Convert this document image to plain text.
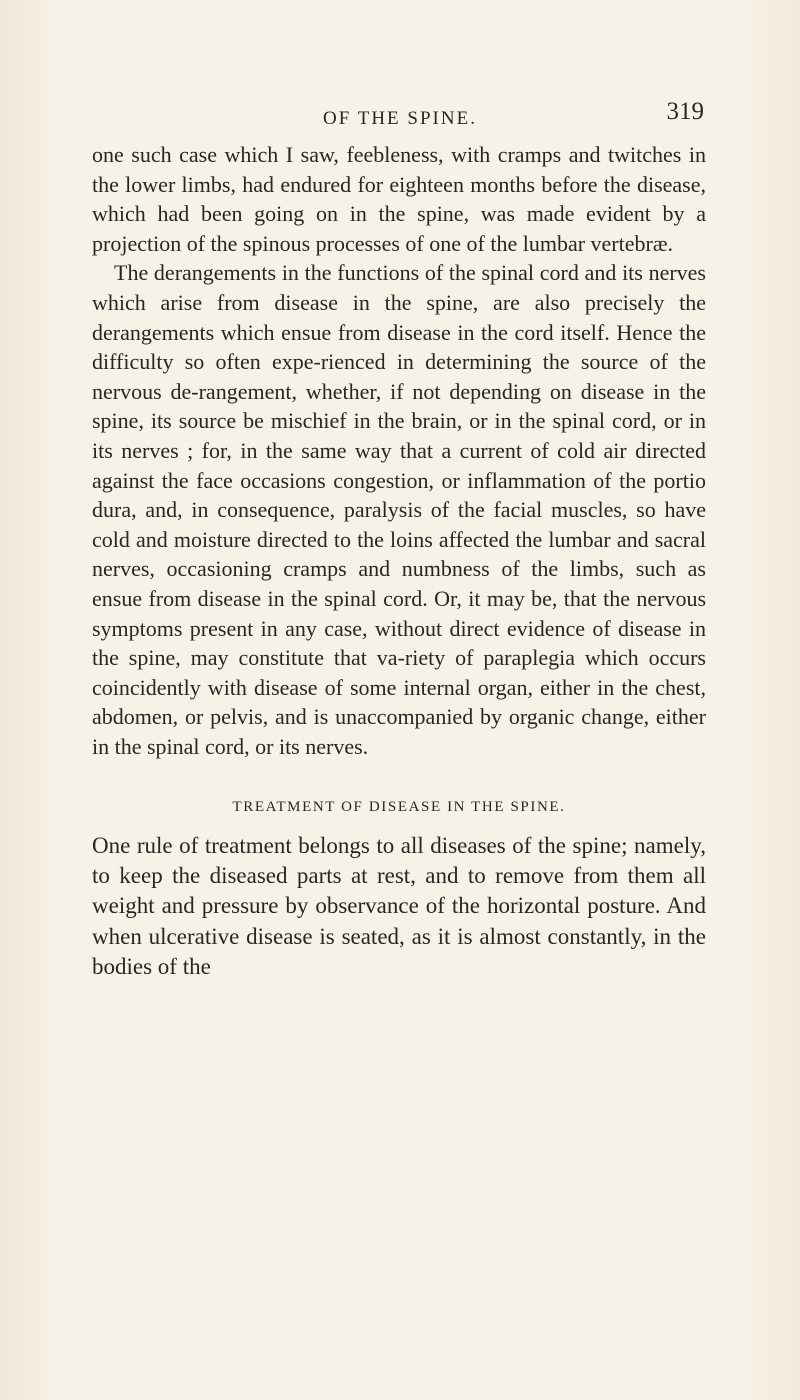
OF THE SPINE.	319

one such case which I saw, feebleness, with cramps and twitches in the lower limbs, had endured for eighteen months before the disease, which had been going on in the spine, was made evident by a projection of the spinous processes of one of the lumbar vertebræ.

The derangements in the functions of the spinal cord and its nerves which arise from disease in the spine, are also precisely the derangements which ensue from disease in the cord itself. Hence the difficulty so often expe-rienced in determining the source of the nervous de-rangement, whether, if not depending on disease in the spine, its source be mischief in the brain, or in the spinal cord, or in its nerves ; for, in the same way that a current of cold air directed against the face occasions congestion, or inflammation of the portio dura, and, in consequence, paralysis of the facial muscles, so have cold and moisture directed to the loins affected the lumbar and sacral nerves, occasioning cramps and numbness of the limbs, such as ensue from disease in the spinal cord. Or, it may be, that the nervous symptoms present in any case, without direct evidence of disease in the spine, may constitute that va-riety of paraplegia which occurs coincidently with disease of some internal organ, either in the chest, abdomen, or pelvis, and is unaccompanied by organic change, either in the spinal cord, or its nerves.

TREATMENT OF DISEASE IN THE SPINE.

One rule of treatment belongs to all diseases of the spine; namely, to keep the diseased parts at rest, and to remove from them all weight and pressure by observance of the horizontal posture. And when ulcerative disease is seated, as it is almost constantly, in the bodies of the
